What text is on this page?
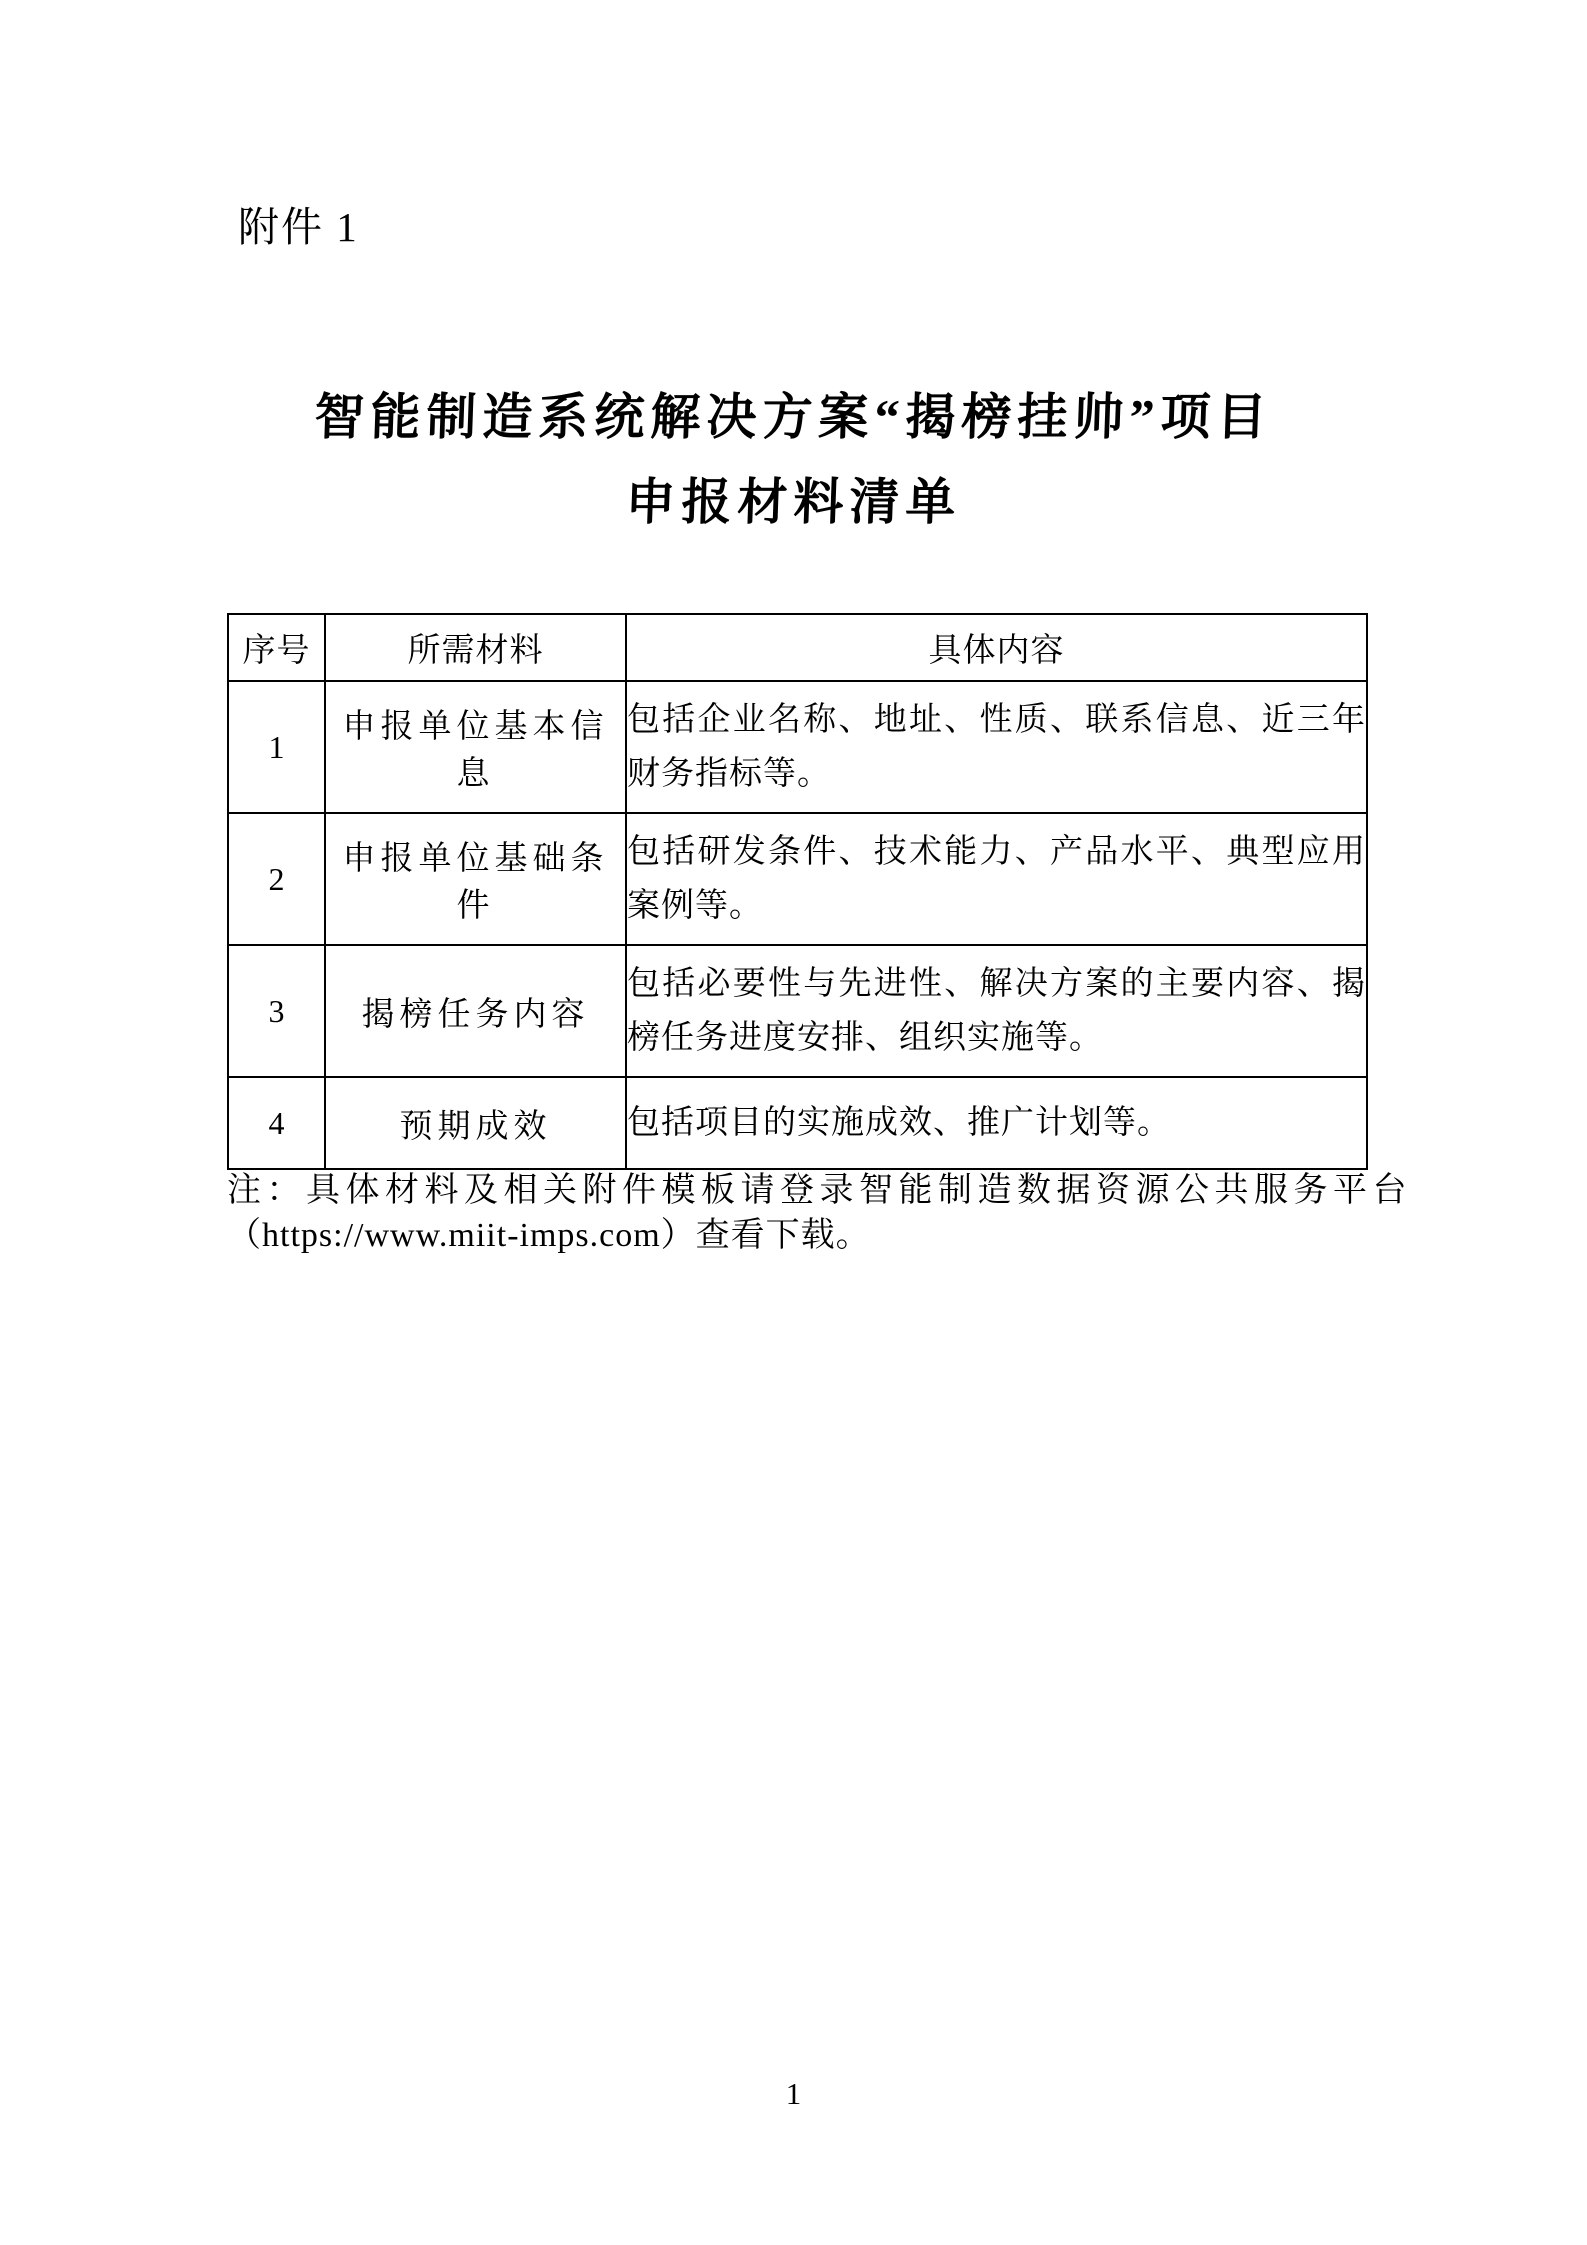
附件 1
智能制造系统解决方案“揭榜挂帅”项目
申报材料清单
序号	所需材料	具体内容
1	申报单位基本信息	包括企业名称、地址、性质、联系信息、近三年财务指标等。
2	申报单位基础条件	包括研发条件、技术能力、产品水平、典型应用案例等。
3	揭榜任务内容	包括必要性与先进性、解决方案的主要内容、揭榜任务进度安排、组织实施等。
4	预期成效	包括项目的实施成效、推广计划等。
注：具体材料及相关附件模板请登录智能制造数据资源公共服务平台
（https://www.miit-imps.com）查看下载。
1
